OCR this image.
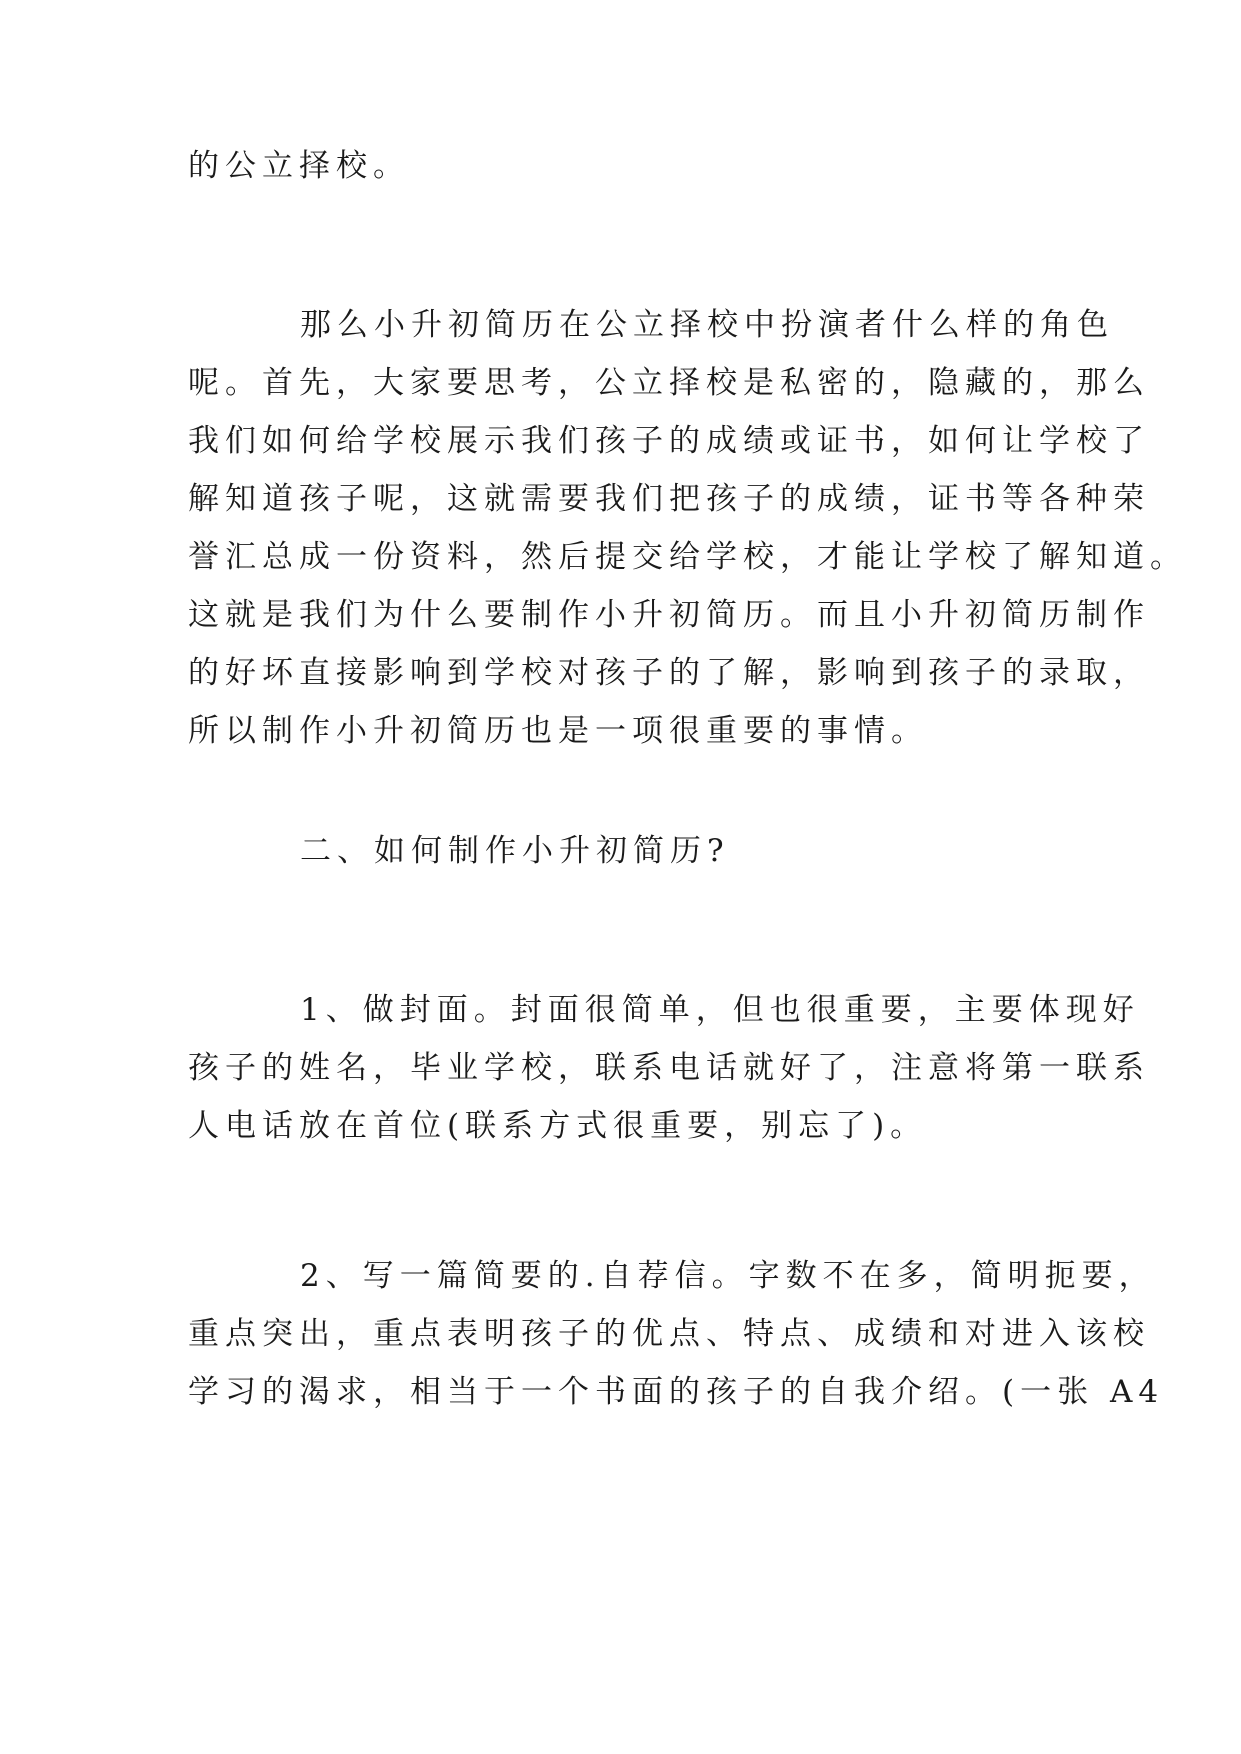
的公立择校。
那么小升初简历在公立择校中扮演者什么样的角色
呢。首先，大家要思考，公立择校是私密的，隐藏的，那么
我们如何给学校展示我们孩子的成绩或证书，如何让学校了
解知道孩子呢，这就需要我们把孩子的成绩，证书等各种荣
誉汇总成一份资料，然后提交给学校，才能让学校了解知道。
这就是我们为什么要制作小升初简历。而且小升初简历制作
的好坏直接影响到学校对孩子的了解，影响到孩子的录取，
所以制作小升初简历也是一项很重要的事情。
二、如何制作小升初简历?
1、做封面。封面很简单，但也很重要，主要体现好
孩子的姓名，毕业学校，联系电话就好了，注意将第一联系
人电话放在首位(联系方式很重要，别忘了)。
2、写一篇简要的.自荐信。字数不在多，简明扼要，
重点突出，重点表明孩子的优点、特点、成绩和对进入该校
学习的渴求，相当于一个书面的孩子的自我介绍。(一张 A4
